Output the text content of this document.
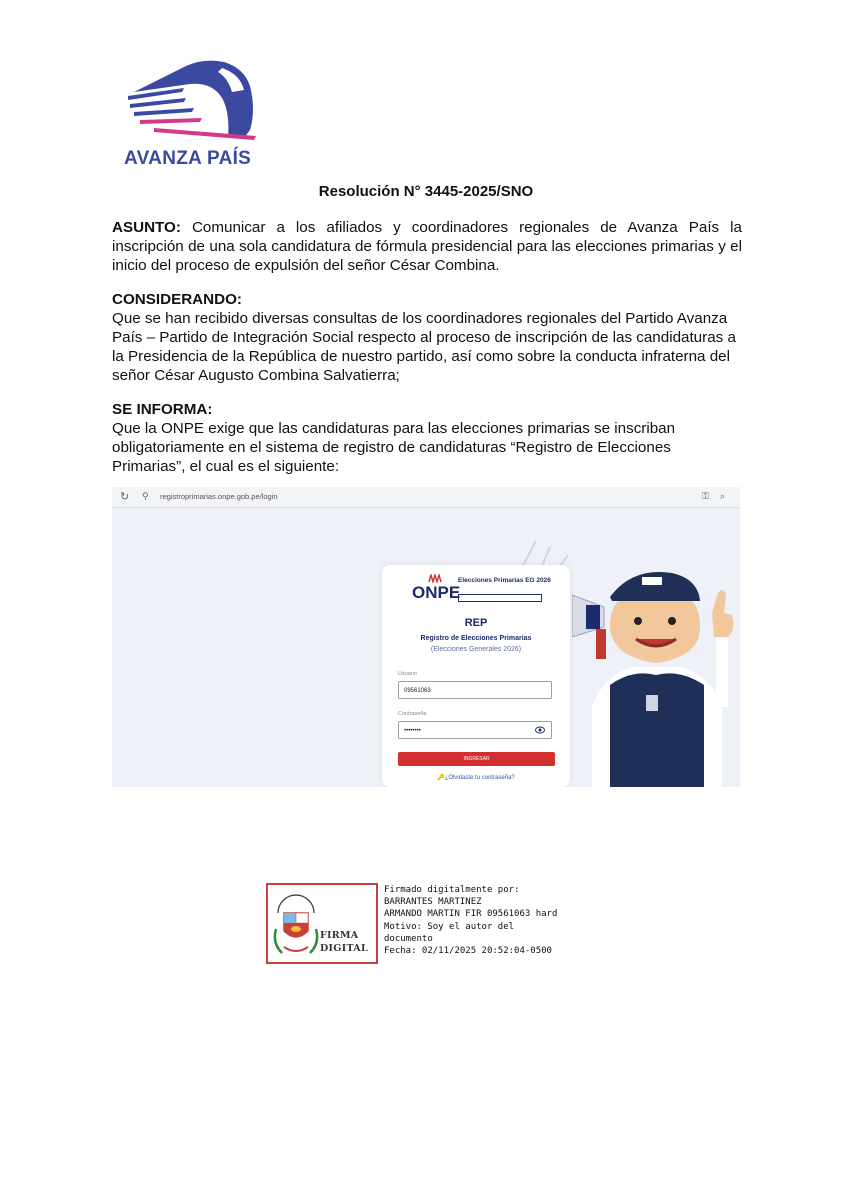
AVANZA PAÍS
Resolución N° 3445-2025/SNO

ASUNTO: Comunicar a los afiliados y coordinadores regionales de Avanza País la inscripción de una sola candidatura de fórmula presidencial para las elecciones primarias y el inicio del proceso de expulsión del señor César Combina.

CONSIDERANDO:

Que se han recibido diversas consultas de los coordinadores regionales del Partido Avanza País – Partido de Integración Social respecto al proceso de inscripción de las candidaturas a la Presidencia de la República de nuestro partido, así como sobre la conducta infraterna del señor César Augusto Combina Salvatierra;

SE INFORMA:

Que la ONPE exige que las candidaturas para las elecciones primarias se inscriban obligatoriamente en el sistema de registro de candidaturas “Registro de Elecciones Primarias”, el cual es el siguiente:

↻ ⚲ registroprimarias.onpe.gob.pe/login	⚿ ⌕
ONPE
Elecciones Primarias EG 2026
REP
Registro de Elecciones Primarias
(Elecciones Generales 2026)
Usuario
09561063
Contraseña
••••••••
INGRESAR
🔑¿Olvidaste tu contraseña?
FIRMA DIGITAL
Firmado digitalmente por:
BARRANTES MARTINEZ
ARMANDO MARTIN FIR 09561063 hard
Motivo: Soy el autor del
documento
Fecha: 02/11/2025 20:52:04-0500
